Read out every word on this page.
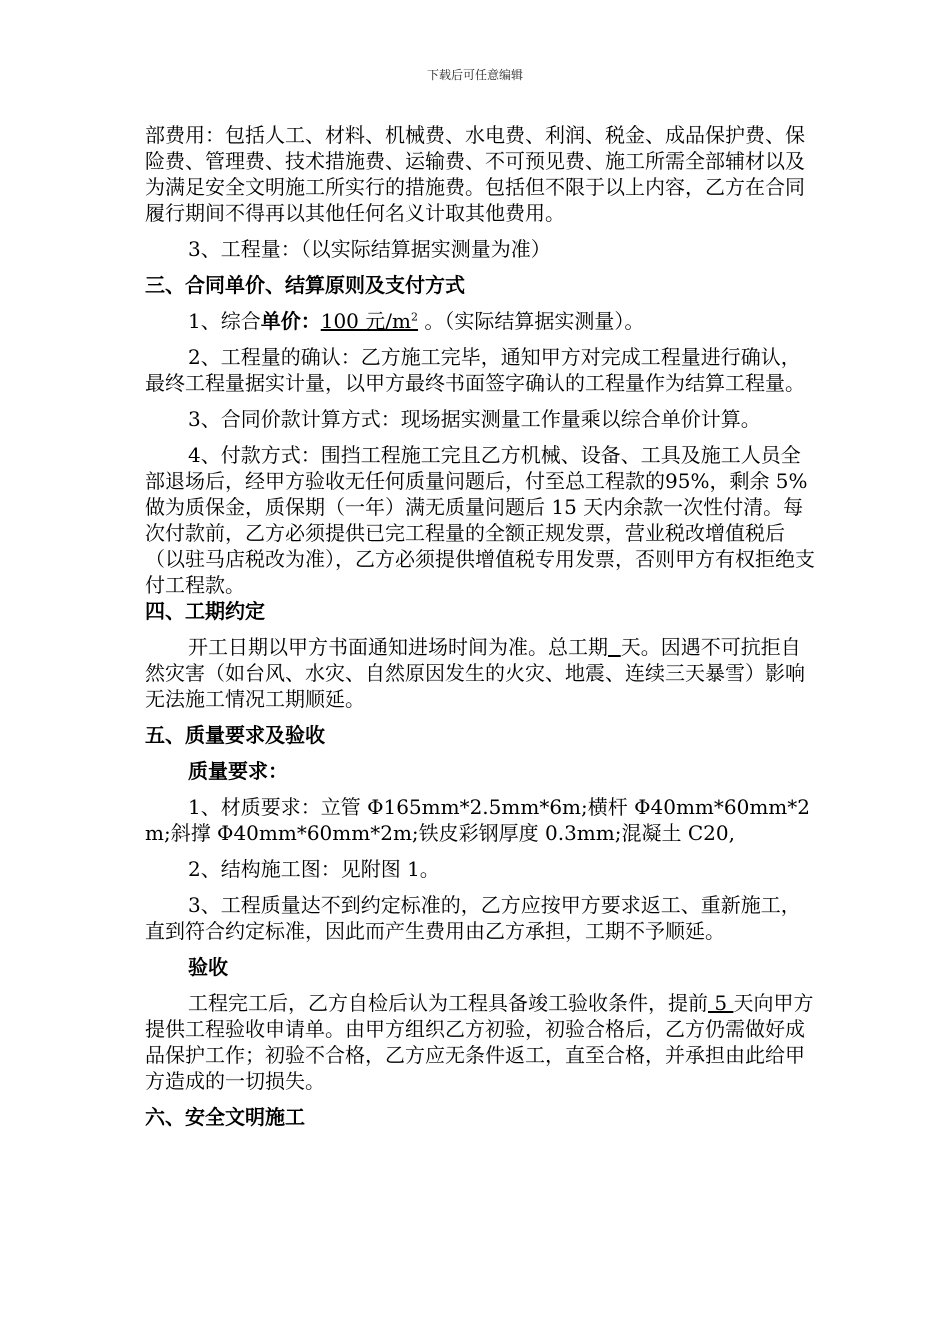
下载后可任意编辑

部费用：包括人工、材料、机械费、水电费、利润、税金、成品保护费、保险费、管理费、技术措施费、运输费、不可预见费、施工所需全部辅材以及为满足安全文明施工所实行的措施费。包括但不限于以上内容，乙方在合同履行期间不得再以其他任何名义计取其他费用。

3、工程量：（以实际结算据实测量为准）

三、合同单价、结算原则及支付方式

1、综合单价：100 元$/m^2$ 。（实际结算据实测量）。

2、工程量的确认：乙方施工完毕，通知甲方对完成工程量进行确认，最终工程量据实计量，以甲方最终书面签字确认的工程量作为结算工程量。

3、合同价款计算方式：现场据实测量工作量乘以综合单价计算。

4、付款方式：围挡工程施工完且乙方机械、设备、工具及施工人员全部退场后，经甲方验收无任何质量问题后，付至总工程款的95%，剩余 5%做为质保金，质保期（一年）满无质量问题后 15 天内余款一次性付清。每次付款前，乙方必须提供已完工程量的全额正规发票，营业税改增值税后（以驻马店税改为准），乙方必须提供增值税专用发票，否则甲方有权拒绝支付工程款。

四、工期约定

开工日期以甲方书面通知进场时间为准。总工期 天。因遇不可抗拒自然灾害（如台风、水灾、自然原因发生的火灾、地震、连续三天暴雪）影响无法施工情况工期顺延。

五、质量要求及验收

质量要求：

1、材质要求：立管 Φ165mm*2.5mm*6m;横杆 Φ40mm*60mm*2m;斜撑 Φ40mm*60mm*2m;铁皮彩钢厚度 0.3mm;混凝土 C20,

2、结构施工图：见附图 1。

3、工程质量达不到约定标准的，乙方应按甲方要求返工、重新施工，直到符合约定标准，因此而产生费用由乙方承担，工期不予顺延。

验收

工程完工后，乙方自检后认为工程具备竣工验收条件，提前 5 天向甲方提供工程验收申请单。由甲方组织乙方初验，初验合格后，乙方仍需做好成品保护工作；初验不合格，乙方应无条件返工，直至合格，并承担由此给甲方造成的一切损失。

六、安全文明施工
